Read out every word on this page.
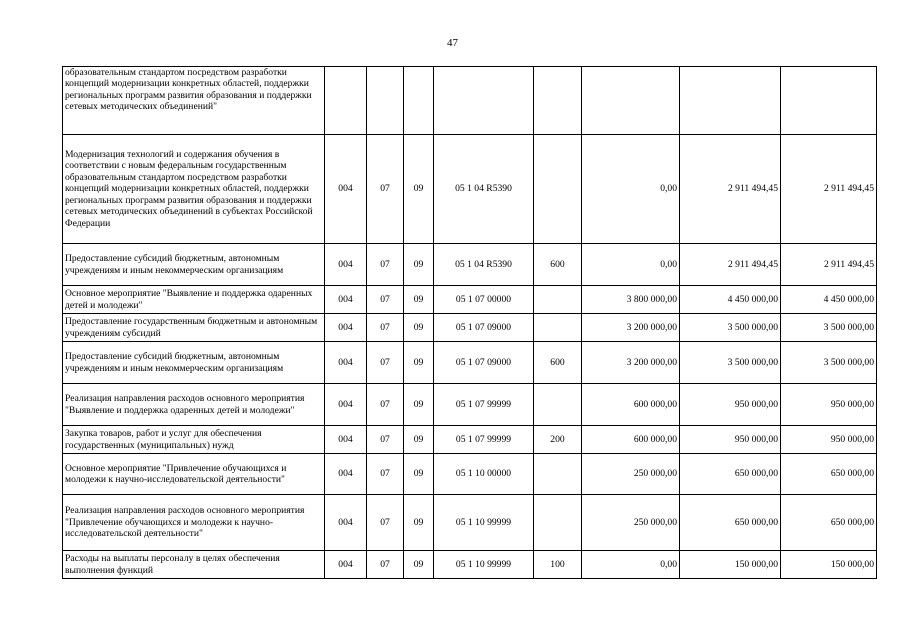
47
образовательным стандартом посредством разработки концепций модернизации конкретных областей, поддержки региональных программ развития образования и поддержки сетевых методических объединений"								
Модернизация технологий и содержания обучения в соответствии с новым федеральным государственным образовательным стандартом посредством разработки концепций модернизации конкретных областей, поддержки региональных программ развития образования и поддержки сетевых методических объединений в субъектах Российской Федерации	004	07	09	05 1 04 R5390		0,00	2 911 494,45	2 911 494,45
Предоставление субсидий бюджетным, автономным учреждениям и иным некоммерческим организациям	004	07	09	05 1 04 R5390	600	0,00	2 911 494,45	2 911 494,45
Основное мероприятие "Выявление и поддержка одаренных детей и молодежи"	004	07	09	05 1 07 00000		3 800 000,00	4 450 000,00	4 450 000,00
Предоставление государственным бюджетным и автономным учреждениям субсидий	004	07	09	05 1 07 09000		3 200 000,00	3 500 000,00	3 500 000,00
Предоставление субсидий бюджетным, автономным учреждениям и иным некоммерческим организациям	004	07	09	05 1 07 09000	600	3 200 000,00	3 500 000,00	3 500 000,00
Реализация направления расходов основного мероприятия "Выявление и поддержка одаренных детей и молодежи"	004	07	09	05 1 07 99999		600 000,00	950 000,00	950 000,00
Закупка товаров, работ и услуг для обеспечения государственных (муниципальных) нужд	004	07	09	05 1 07 99999	200	600 000,00	950 000,00	950 000,00
Основное мероприятие "Привлечение обучающихся и молодежи к научно-исследовательской деятельности"	004	07	09	05 1 10 00000		250 000,00	650 000,00	650 000,00
Реализация направления расходов основного мероприятия "Привлечение обучающихся и молодежи к научно-исследовательской деятельности"	004	07	09	05 1 10 99999		250 000,00	650 000,00	650 000,00
Расходы на выплаты персоналу в целях обеспечения выполнения функций	004	07	09	05 1 10 99999	100	0,00	150 000,00	150 000,00
